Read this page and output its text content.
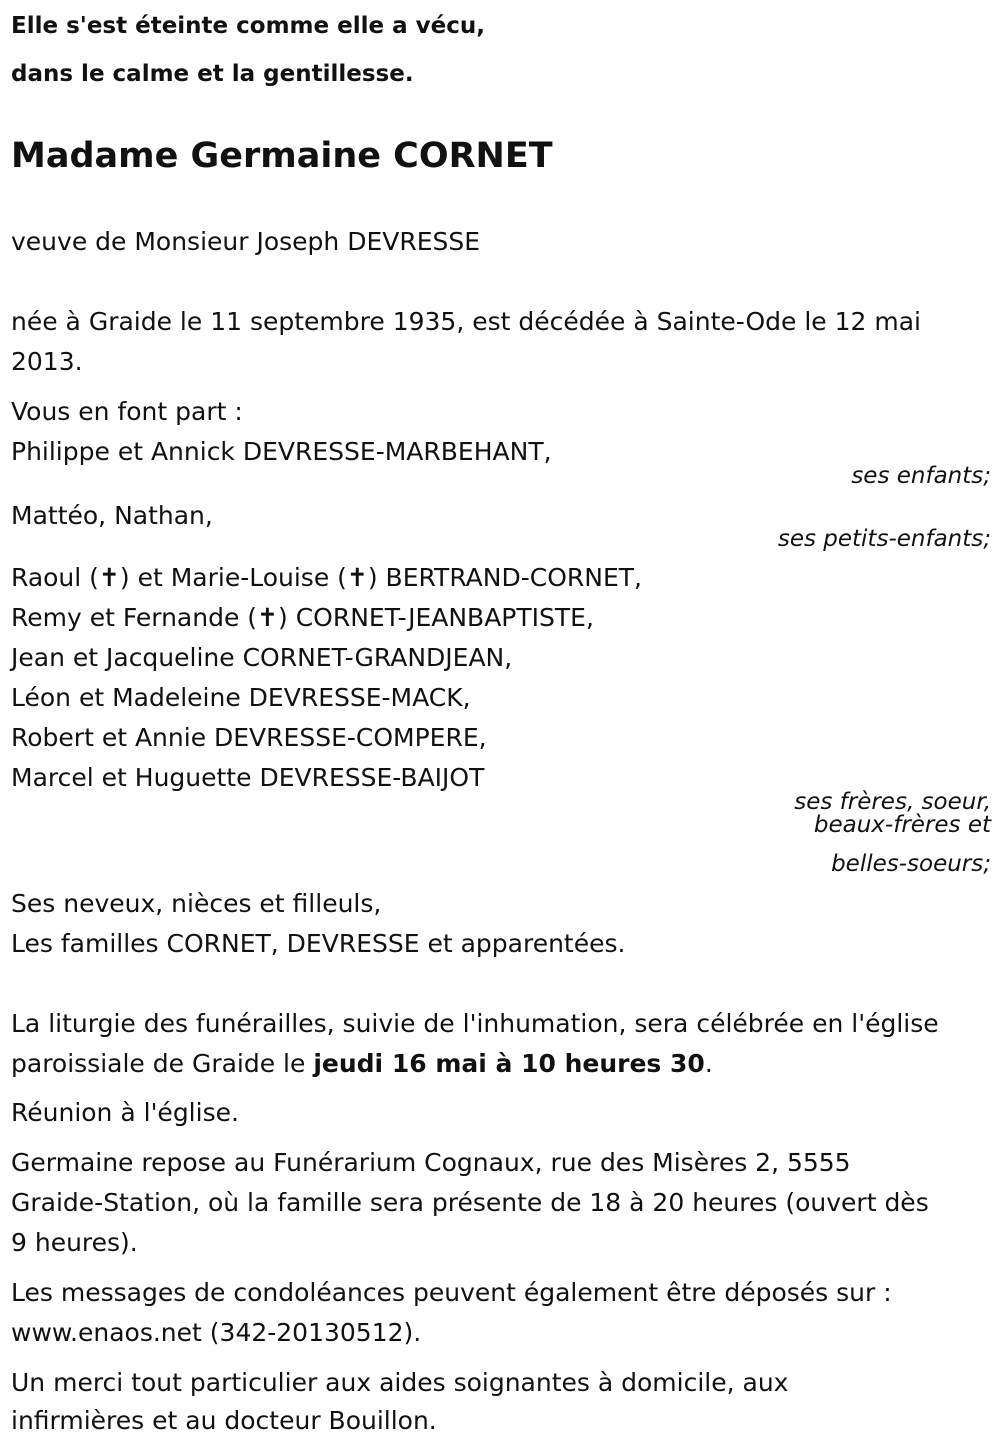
Elle s'est éteinte comme elle a vécu,

dans le calme et la gentillesse.

Madame Germaine CORNET

veuve de Monsieur Joseph DEVRESSE

née à Graide le 11 septembre 1935, est décédée à Sainte-Ode le 12 mai 2013.

Vous en font part :

Philippe et Annick DEVRESSE-MARBEHANT,

ses enfants;

Mattéo, Nathan,

ses petits-enfants;

Raoul (✝) et Marie-Louise (✝) BERTRAND-CORNET,

Remy et Fernande (✝) CORNET-JEANBAPTISTE,

Jean et Jacqueline CORNET-GRANDJEAN,

Léon et Madeleine DEVRESSE-MACK,

Robert et Annie DEVRESSE-COMPERE,

Marcel et Huguette DEVRESSE-BAIJOT

ses frères, soeur,

beaux-frères et

belles-soeurs;

Ses neveux, nièces et filleuls,

Les familles CORNET, DEVRESSE et apparentées.

La liturgie des funérailles, suivie de l'inhumation, sera célébrée en l'église

paroissiale de Graide le jeudi 16 mai à 10 heures 30.

Réunion à l'église.

Germaine repose au Funérarium Cognaux, rue des Misères 2, 5555

Graide-Station, où la famille sera présente de 18 à 20 heures (ouvert dès

9 heures).

Les messages de condoléances peuvent également être déposés sur :

www.enaos.net (342-20130512).

Un merci tout particulier aux aides soignantes à domicile, aux

infirmières et au docteur Bouillon.
